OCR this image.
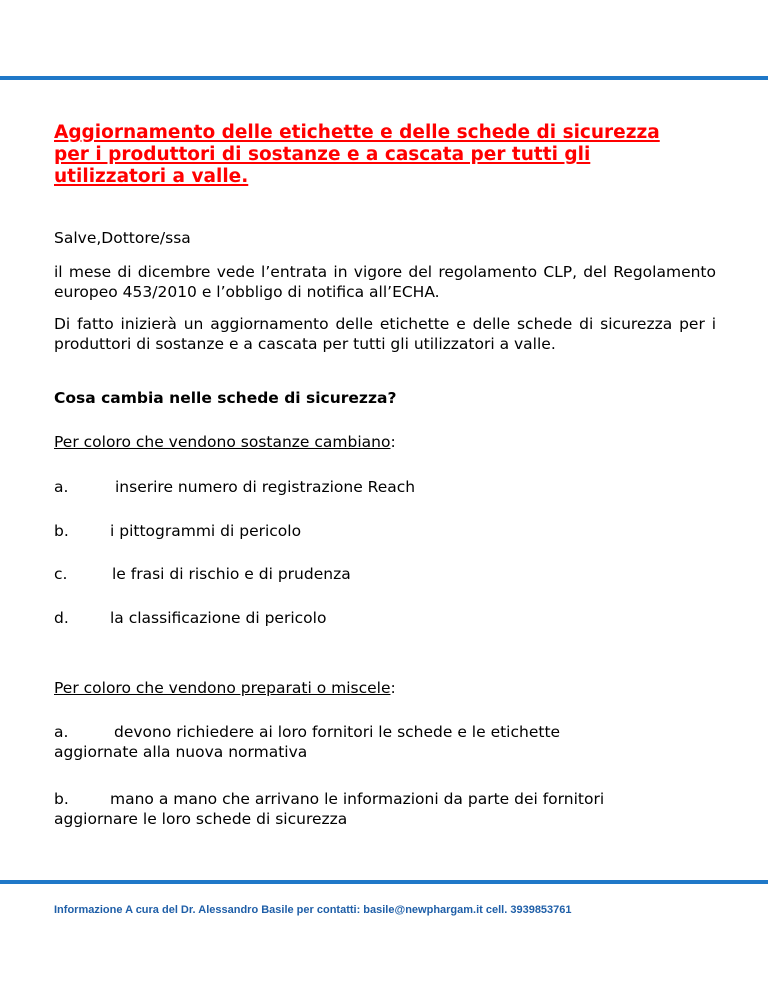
Aggiornamento delle etichette e delle schede di sicurezza per i produttori di sostanze e a cascata per tutti gli utilizzatori a valle.
Salve,Dottore/ssa
il mese di dicembre vede l’entrata in vigore del regolamento CLP, del Regolamento europeo 453/2010 e l’obbligo di notifica all’ECHA.
Di fatto inizierà un aggiornamento delle etichette e delle schede di sicurezza per i produttori di sostanze e a cascata per tutti gli utilizzatori a valle.
Cosa cambia nelle schede di sicurezza?
Per coloro che vendono sostanze cambiano:
a.	inserire numero di registrazione Reach
b.	i pittogrammi di pericolo
c.	le frasi di rischio e di prudenza
d.	la classificazione di pericolo
Per coloro che vendono preparati o miscele:
a.	devono richiedere ai loro fornitori le schede e le etichette
aggiornate alla nuova normativa
b.	mano a mano che arrivano le informazioni da parte dei fornitori
aggiornare le loro schede di sicurezza
Informazione A cura del Dr. Alessandro Basile per contatti: basile@newphargam.it cell. 3939853761
